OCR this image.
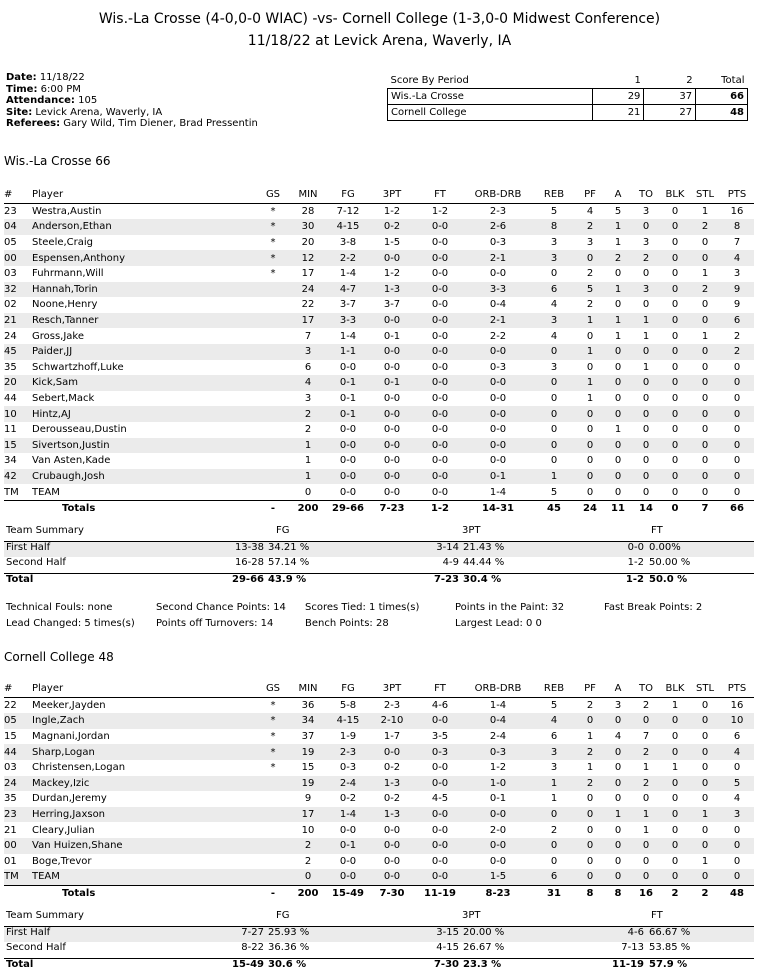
Wis.-La Crosse (4-0,0-0 WIAC) -vs- Cornell College (1-3,0-0 Midwest Conference)
11/18/22 at Levick Arena, Waverly, IA
Date: 11/18/22
Time: 6:00 PM
Attendance: 105
Site: Levick Arena, Waverly, IA
Referees: Gary Wild, Tim Diener, Brad Pressentin
Score By Period	1	2	Total
Wis.-La Crosse	29	37	66
Cornell College	21	27	48
Wis.-La Crosse 66
#	Player	GS	MIN	FG	3PT	FT	ORB-DRB	REB	PF	A	TO	BLK	STL	PTS
23	Westra,Austin	*	28	7-12	1-2	1-2	2-3	5	4	5	3	0	1	16
04	Anderson,Ethan	*	30	4-15	0-2	0-0	2-6	8	2	1	0	0	2	8
05	Steele,Craig	*	20	3-8	1-5	0-0	0-3	3	3	1	3	0	0	7
00	Espensen,Anthony	*	12	2-2	0-0	0-0	2-1	3	0	2	2	0	0	4
03	Fuhrmann,Will	*	17	1-4	1-2	0-0	0-0	0	2	0	0	0	1	3
32	Hannah,Torin		24	4-7	1-3	0-0	3-3	6	5	1	3	0	2	9
02	Noone,Henry		22	3-7	3-7	0-0	0-4	4	2	0	0	0	0	9
21	Resch,Tanner		17	3-3	0-0	0-0	2-1	3	1	1	1	0	0	6
24	Gross,Jake		7	1-4	0-1	0-0	2-2	4	0	1	1	0	1	2
45	Paider,JJ		3	1-1	0-0	0-0	0-0	0	1	0	0	0	0	2
35	Schwartzhoff,Luke		6	0-0	0-0	0-0	0-3	3	0	0	1	0	0	0
20	Kick,Sam		4	0-1	0-1	0-0	0-0	0	1	0	0	0	0	0
44	Sebert,Mack		3	0-1	0-0	0-0	0-0	0	1	0	0	0	0	0
10	Hintz,AJ		2	0-1	0-0	0-0	0-0	0	0	0	0	0	0	0
11	Derousseau,Dustin		2	0-0	0-0	0-0	0-0	0	0	1	0	0	0	0
15	Sivertson,Justin		1	0-0	0-0	0-0	0-0	0	0	0	0	0	0	0
34	Van Asten,Kade		1	0-0	0-0	0-0	0-0	0	0	0	0	0	0	0
42	Crubaugh,Josh		1	0-0	0-0	0-0	0-1	1	0	0	0	0	0	0
TM	TEAM		0	0-0	0-0	0-0	1-4	5	0	0	0	0	0	0
	Totals	-	200	29-66	7-23	1-2	14-31	45	24	11	14	0	7	66
Team Summary	FG	3PT	FT
First Half	13-38 34.21 %	3-14 21.43 %	0-0 0.00%
Second Half	16-28 57.14 %	4-9 44.44 %	1-2 50.00 %
Total	29-66 43.9 %	7-23 30.4 %	1-2 50.0 %
Technical Fouls: none	Second Chance Points: 14 Scores Tied: 1 times(s)	Points in the Paint: 32	Fast Break Points: 2
Lead Changed: 5 times(s) Points off Turnovers: 14	Bench Points: 28	Largest Lead: 0 0
Cornell College 48
#	Player	GS	MIN	FG	3PT	FT	ORB-DRB	REB	PF	A	TO	BLK	STL	PTS
22	Meeker,Jayden	*	36	5-8	2-3	4-6	1-4	5	2	3	2	1	0	16
05	Ingle,Zach	*	34	4-15	2-10	0-0	0-4	4	0	0	0	0	0	10
15	Magnani,Jordan	*	37	1-9	1-7	3-5	2-4	6	1	4	7	0	0	6
44	Sharp,Logan	*	19	2-3	0-0	0-3	0-3	3	2	0	2	0	0	4
03	Christensen,Logan	*	15	0-3	0-2	0-0	1-2	3	1	0	1	1	0	0
24	Mackey,Izic		19	2-4	1-3	0-0	1-0	1	2	0	2	0	0	5
35	Durdan,Jeremy		9	0-2	0-2	4-5	0-1	1	0	0	0	0	0	4
23	Herring,Jaxson		17	1-4	1-3	0-0	0-0	0	0	1	1	0	1	3
21	Cleary,Julian		10	0-0	0-0	0-0	2-0	2	0	0	1	0	0	0
00	Van Huizen,Shane		2	0-1	0-0	0-0	0-0	0	0	0	0	0	0	0
01	Boge,Trevor		2	0-0	0-0	0-0	0-0	0	0	0	0	0	1	0
TM	TEAM		0	0-0	0-0	0-0	1-5	6	0	0	0	0	0	0
	Totals	-	200	15-49	7-30	11-19	8-23	31	8	8	16	2	2	48
Team Summary	FG	3PT	FT
First Half	7-27 25.93 %	3-15 20.00 %	4-6 66.67 %
Second Half	8-22 36.36 %	4-15 26.67 %	7-13 53.85 %
Total	15-49 30.6 %	7-30 23.3 %	11-19 57.9 %
